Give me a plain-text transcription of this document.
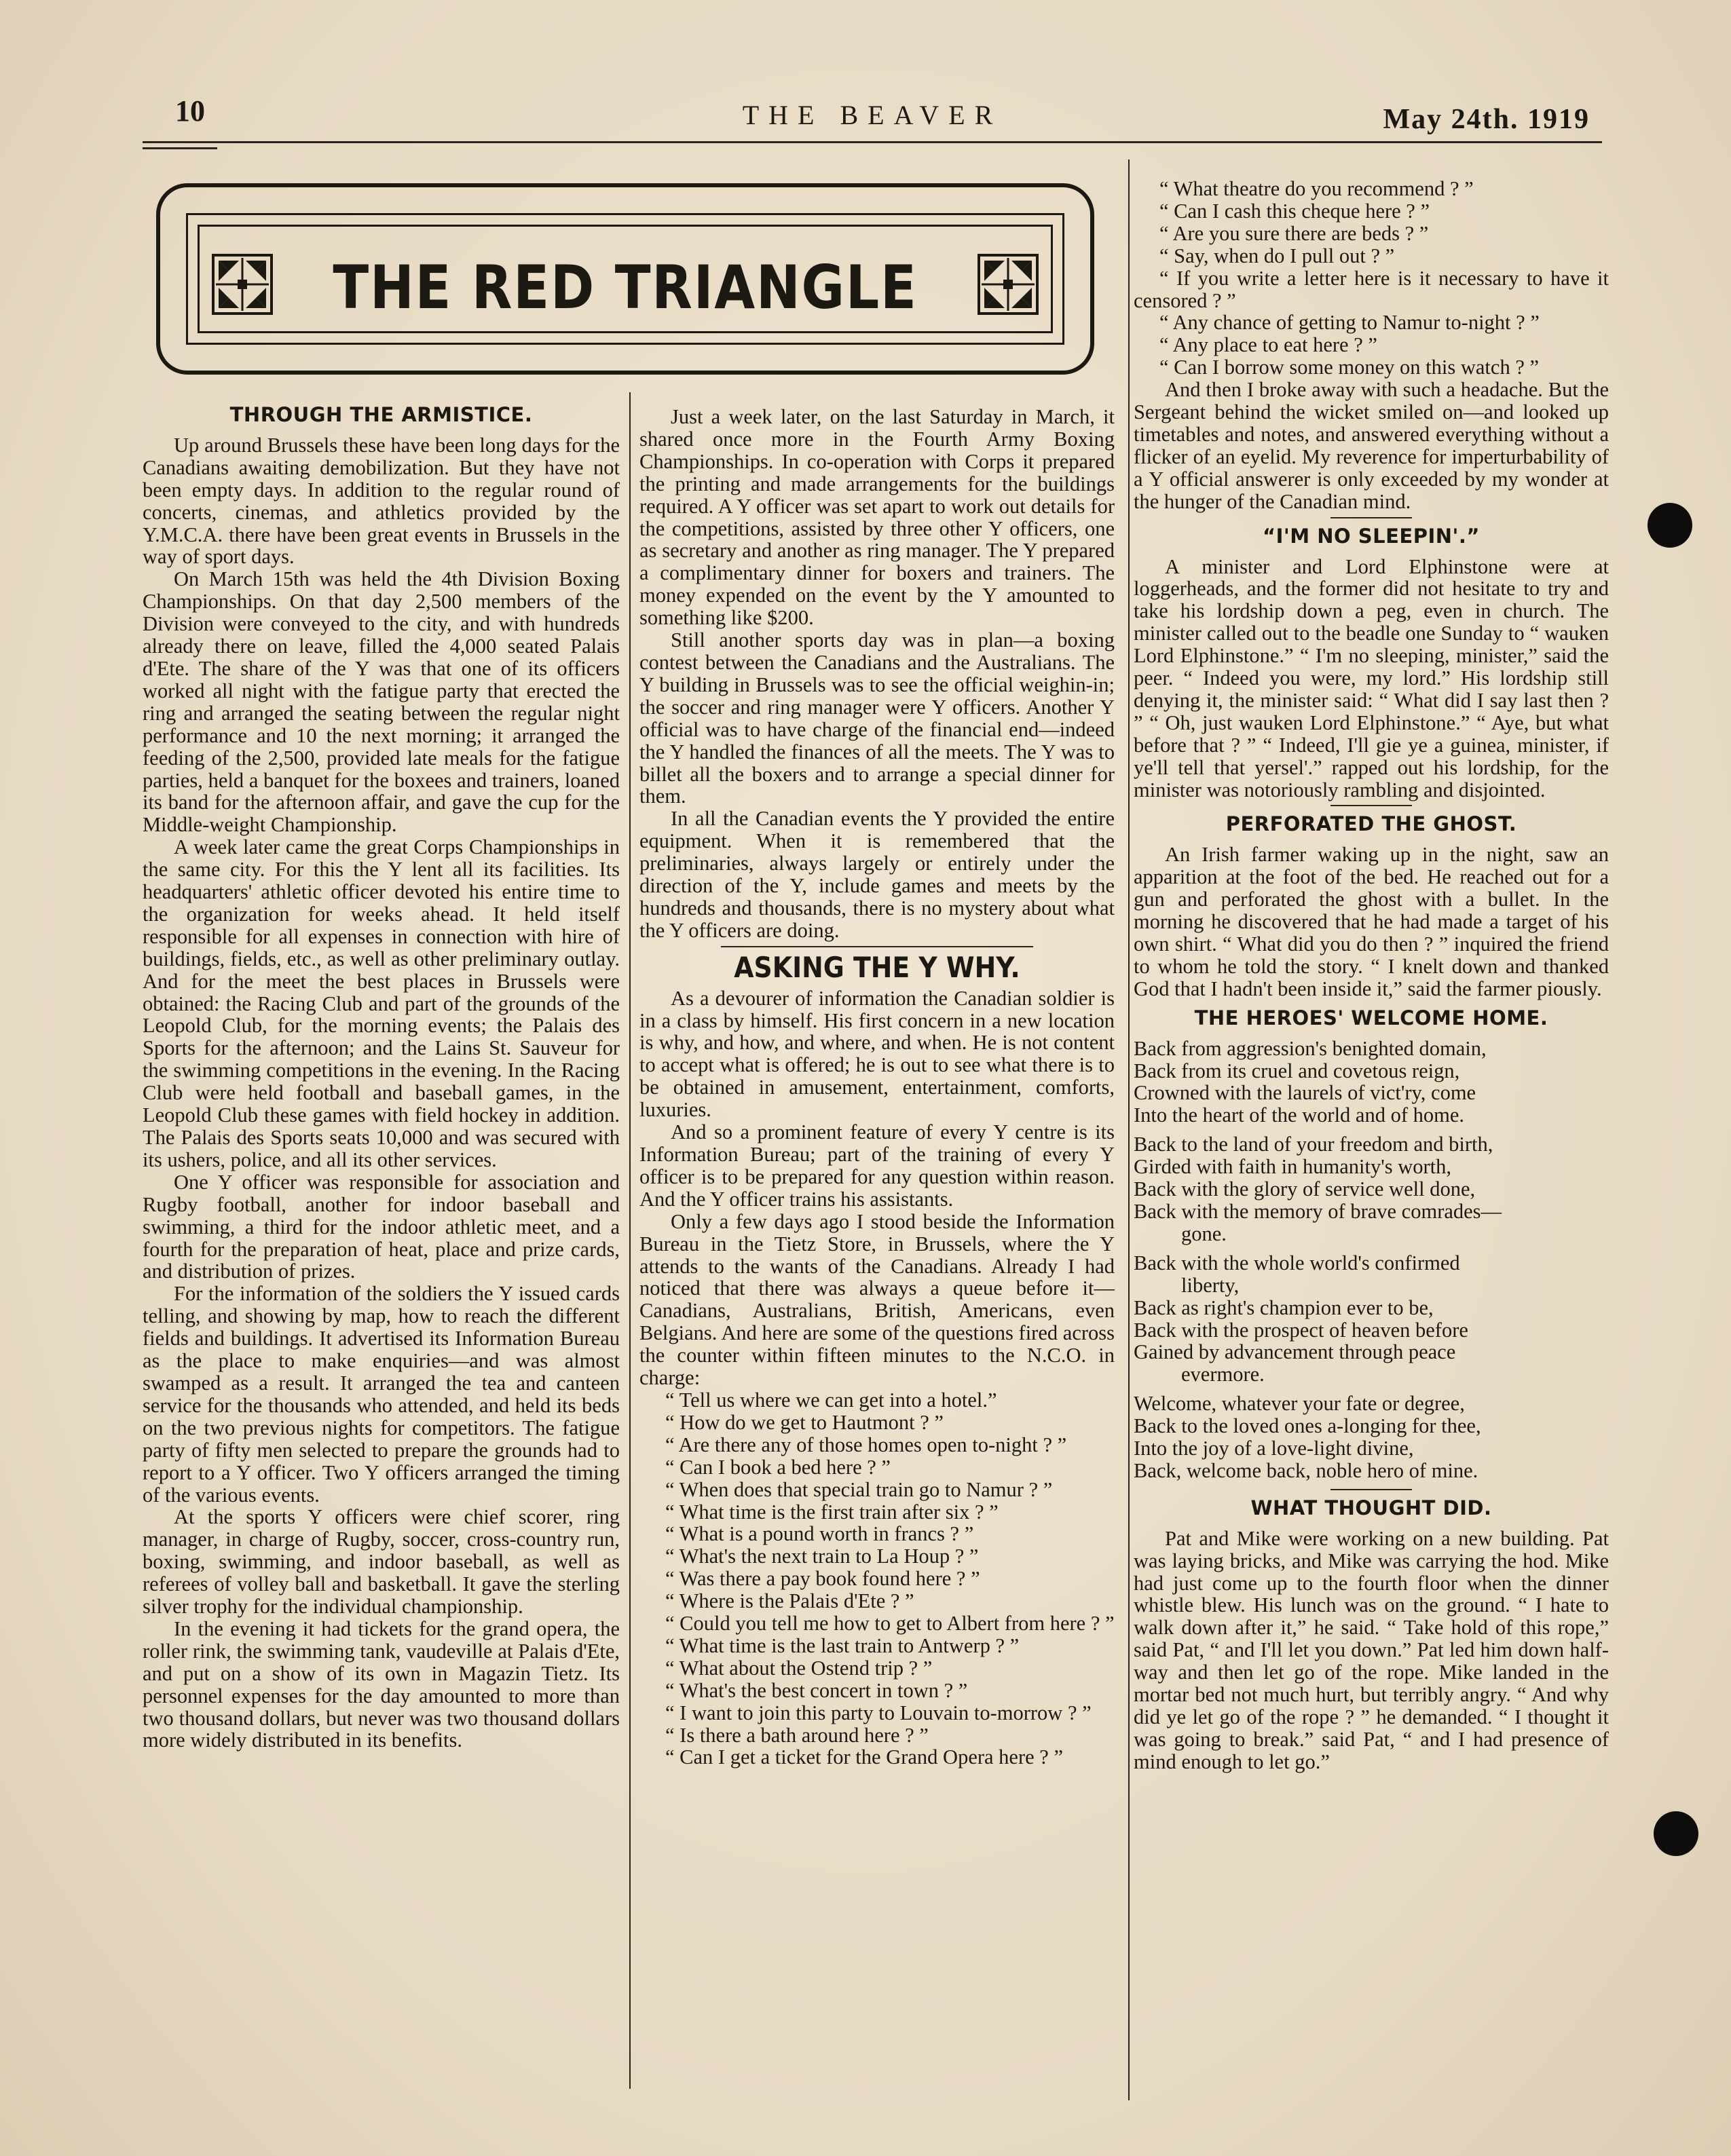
10	THE BEAVER	May 24th. 1919
THE RED TRIANGLE
THROUGH THE ARMISTICE.

Up around Brussels these have been long days for the Canadians awaiting demobilization. But they have not been empty days. In addition to the regular round of concerts, cinemas, and athletics provided by the Y.M.C.A. there have been great events in Brussels in the way of sport days.

On March 15th was held the 4th Division Boxing Championships. On that day 2,500 members of the Division were conveyed to the city, and with hundreds already there on leave, filled the 4,000 seated Palais d'Ete. The share of the Y was that one of its officers worked all night with the fatigue party that erected the ring and arranged the seating between the regular night performance and 10 the next morning; it arranged the feeding of the 2,500, provided late meals for the fatigue parties, held a banquet for the boxees and trainers, loaned its band for the afternoon affair, and gave the cup for the Middle-weight Championship.

A week later came the great Corps Championships in the same city. For this the Y lent all its facilities. Its headquarters' athletic officer devoted his entire time to the organization for weeks ahead. It held itself responsible for all expenses in connection with hire of buildings, fields, etc., as well as other preliminary outlay. And for the meet the best places in Brussels were obtained: the Racing Club and part of the grounds of the Leopold Club, for the morning events; the Palais des Sports for the afternoon; and the Lains St. Sauveur for the swimming competitions in the evening. In the Racing Club were held football and baseball games, in the Leopold Club these games with field hockey in addition. The Palais des Sports seats 10,000 and was secured with its ushers, police, and all its other services.

One Y officer was responsible for association and Rugby football, another for indoor baseball and swimming, a third for the indoor athletic meet, and a fourth for the preparation of heat, place and prize cards, and distribution of prizes.

For the information of the soldiers the Y issued cards telling, and showing by map, how to reach the different fields and buildings. It advertised its Information Bureau as the place to make enquiries—and was almost swamped as a result. It arranged the tea and canteen service for the thousands who attended, and held its beds on the two previous nights for competitors. The fatigue party of fifty men selected to prepare the grounds had to report to a Y officer. Two Y officers arranged the timing of the various events.

At the sports Y officers were chief scorer, ring manager, in charge of Rugby, soccer, cross-country run, boxing, swimming, and indoor baseball, as well as referees of volley ball and basketball. It gave the sterling silver trophy for the individual championship.

In the evening it had tickets for the grand opera, the roller rink, the swimming tank, vaudeville at Palais d'Ete, and put on a show of its own in Magazin Tietz. Its personnel expenses for the day amounted to more than two thousand dollars, but never was two thousand dollars more widely distributed in its benefits.

Just a week later, on the last Saturday in March, it shared once more in the Fourth Army Boxing Championships. In co-operation with Corps it prepared the printing and made arrangements for the buildings required. A Y officer was set apart to work out details for the competitions, assisted by three other Y officers, one as secretary and another as ring manager. The Y prepared a complimentary dinner for boxers and trainers. The money expended on the event by the Y amounted to something like $200.

Still another sports day was in plan—a boxing contest between the Canadians and the Australians. The Y building in Brussels was to see the official weighin-in; the soccer and ring manager were Y officers. Another Y official was to have charge of the financial end—indeed the Y handled the finances of all the meets. The Y was to billet all the boxers and to arrange a special dinner for them.

In all the Canadian events the Y provided the entire equipment. When it is remembered that the preliminaries, always largely or entirely under the direction of the Y, include games and meets by the hundreds and thousands, there is no mystery about what the Y officers are doing.

ASKING THE Y WHY.

As a devourer of information the Canadian soldier is in a class by himself. His first concern in a new location is why, and how, and where, and when. He is not content to accept what is offered; he is out to see what there is to be obtained in amusement, entertainment, comforts, luxuries.

And so a prominent feature of every Y centre is its Information Bureau; part of the training of every Y officer is to be prepared for any question within reason. And the Y officer trains his assistants.

Only a few days ago I stood beside the Information Bureau in the Tietz Store, in Brussels, where the Y attends to the wants of the Canadians. Already I had noticed that there was always a queue before it—Canadians, Australians, British, Americans, even Belgians. And here are some of the questions fired across the counter within fifteen minutes to the N.C.O. in charge:

“ Tell us where we can get into a hotel.”

“ How do we get to Hautmont ? ”

“ Are there any of those homes open to-night ? ”

“ Can I book a bed here ? ”

“ When does that special train go to Namur ? ”

“ What time is the first train after six ? ”

“ What is a pound worth in francs ? ”

“ What's the next train to La Houp ? ”

“ Was there a pay book found here ? ”

“ Where is the Palais d'Ete ? ”

“ Could you tell me how to get to Albert from here ? ”

“ What time is the last train to Antwerp ? ”

“ What about the Ostend trip ? ”

“ What's the best concert in town ? ”

“ I want to join this party to Louvain to-morrow ? ”

“ Is there a bath around here ? ”

“ Can I get a ticket for the Grand Opera here ? ”

“ What theatre do you recommend ? ”

“ Can I cash this cheque here ? ”

“ Are you sure there are beds ? ”

“ Say, when do I pull out ? ”

“ If you write a letter here is it necessary to have it censored ? ”

“ Any chance of getting to Namur to-night ? ”

“ Any place to eat here ? ”

“ Can I borrow some money on this watch ? ”

And then I broke away with such a headache. But the Sergeant behind the wicket smiled on—and looked up timetables and notes, and answered everything without a flicker of an eyelid. My reverence for imperturbability of a Y official answerer is only exceeded by my wonder at the hunger of the Canadian mind.

“I'M NO SLEEPIN'.”

A minister and Lord Elphinstone were at loggerheads, and the former did not hesitate to try and take his lordship down a peg, even in church. The minister called out to the beadle one Sunday to “ wauken Lord Elphinstone.” “ I'm no sleeping, minister,” said the peer. “ Indeed you were, my lord.” His lordship still denying it, the minister said: “ What did I say last then ? ” “ Oh, just wauken Lord Elphinstone.” “ Aye, but what before that ? ” “ Indeed, I'll gie ye a guinea, minister, if ye'll tell that yersel'.” rapped out his lordship, for the minister was notoriously rambling and disjointed.

PERFORATED THE GHOST.

An Irish farmer waking up in the night, saw an apparition at the foot of the bed. He reached out for a gun and perforated the ghost with a bullet. In the morning he discovered that he had made a target of his own shirt. “ What did you do then ? ” inquired the friend to whom he told the story. “ I knelt down and thanked God that I hadn't been inside it,” said the farmer piously.

THE HEROES' WELCOME HOME.
Back from aggression's benighted domain,
Back from its cruel and covetous reign,
Crowned with the laurels of vict'ry, come
Into the heart of the world and of home.
Back to the land of your freedom and birth,
Girded with faith in humanity's worth,
Back with the glory of service well done,
Back with the memory of brave comrades—
gone.
Back with the whole world's confirmed
liberty,
Back as right's champion ever to be,
Back with the prospect of heaven before
Gained by advancement through peace
evermore.
Welcome, whatever your fate or degree,
Back to the loved ones a-longing for thee,
Into the joy of a love-light divine,
Back, welcome back, noble hero of mine.
WHAT THOUGHT DID.

Pat and Mike were working on a new building. Pat was laying bricks, and Mike was carrying the hod. Mike had just come up to the fourth floor when the dinner whistle blew. His lunch was on the ground. “ I hate to walk down after it,” he said. “ Take hold of this rope,” said Pat, “ and I'll let you down.” Pat led him down half-way and then let go of the rope. Mike landed in the mortar bed not much hurt, but terribly angry. “ And why did ye let go of the rope ? ” he demanded. “ I thought it was going to break.” said Pat, “ and I had presence of mind enough to let go.”
